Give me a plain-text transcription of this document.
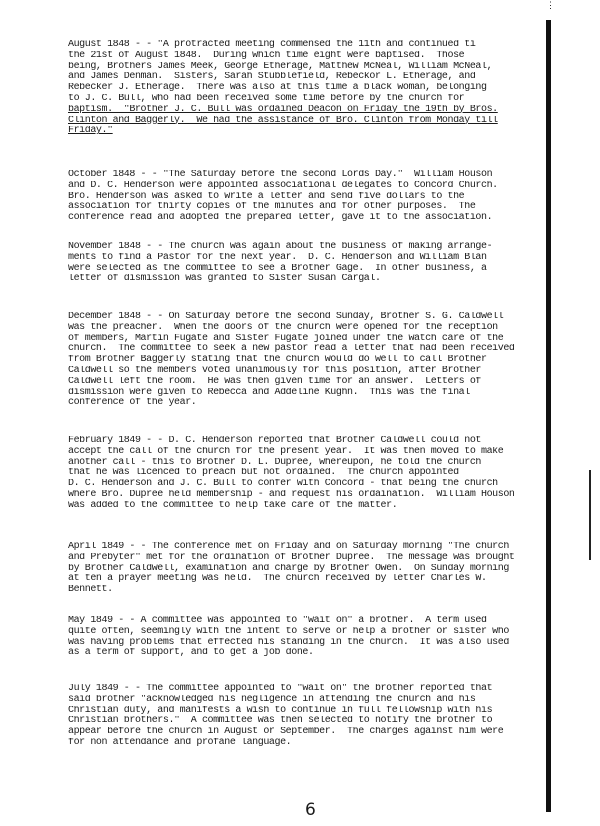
⋮
August 1848 - - "A protracted meeting commensed the 11th and continued ti
the 21st of August 1848.  During which time eight were baptised.  Those
being, Brothers James Meek, George Etherage, Matthew McNeal, William McNeal,
and James Denman.  Sisters, Sarah Stubblefield, Rebeckor L. Etherage, and
Rebecker J. Etherage.  There was also at this time a black woman, belonging
to J. C. Bull, who had been received some time before by the church for
baptism.  "Brother J. C. Bull was ordained Deacon on Friday the 19th by Bros.
Clinton and Baggerly.  We had the assistance of Bro. Clinton from Monday till
Friday."
October 1848 - - "The Saturday before the second Lords Day."  William Houson
and D. C. Henderson were appointed associational delegates to Concord Church.
Bro. Henderson was asked to write a letter and send five dollars to the
association for thirty copies of the minutes and for other purposes.  The
conference read and adopted the prepared letter, gave it to the association.
November 1848 - - The church was again about the business of making arrange-
ments to find a Pastor for the next year.  D. C. Henderson and William Blan
were selected as the committee to see a Brother Gage.  In other business, a
letter of dismission was granted to Sister Susan Cargal.
December 1848 - - On Saturday before the second Sunday, Brother S. G. Caldwell
was the preacher.  When the doors of the church were opened for the reception
of members, Martin Fugate and Sister Fugate joined under the watch care of the
church.  The committee to seek a new pastor read a letter that had been received
from Brother Baggerly stating that the church would do well to call Brother
Caldwell so the members voted unanimously for this position, after Brother
Caldwell left the room.  He was then given time for an answer.  Letters of
dismission were given to Rebecca and Addeline Kughn.  This was the final
conference of the year.
February 1849 - - D. C. Henderson reported that Brother Caldwell could not
accept the call of the church for the present year.  It was then moved to make
another call - this to Brother D. L. Dupree, whereupon, he told the church
that he was licenced to preach but not ordained.  The church appointed
D. C. Henderson and J. C. Bull to confer with Concord - that being the church
where Bro. Dupree held membership - and request his ordaination.  William Houson
was added to the committee to help take care of the matter.
April 1849 - - The conference met on Friday and on Saturday morning "The church
and Prebyter" met for the ordination of Brother Dupree.  The message was brought
by Brother Caldwell, examination and charge by Brother Owen.  On Sunday morning
at ten a prayer meeting was held.  The church received by letter Charles W.
Bennett.
May 1849 - - A committee was appointed to "wait on" a brother.  A term used
quite often, seemingly with the intent to serve or help a brother or sister who
was having problems that effected his standing in the church.  It was also used
as a term of support, and to get a job done.
July 1849 - - The committee appointed to "wait on" the brother reported that
said brother "acknowledged his negligence in attending the church and his
Christian duty, and manifests a wish to continue in full fellowship with his
Christian brothers."  A committee was then selected to notify the brother to
appear before the church in August or September.  The charges against him were
for non attendance and profane language.
6
